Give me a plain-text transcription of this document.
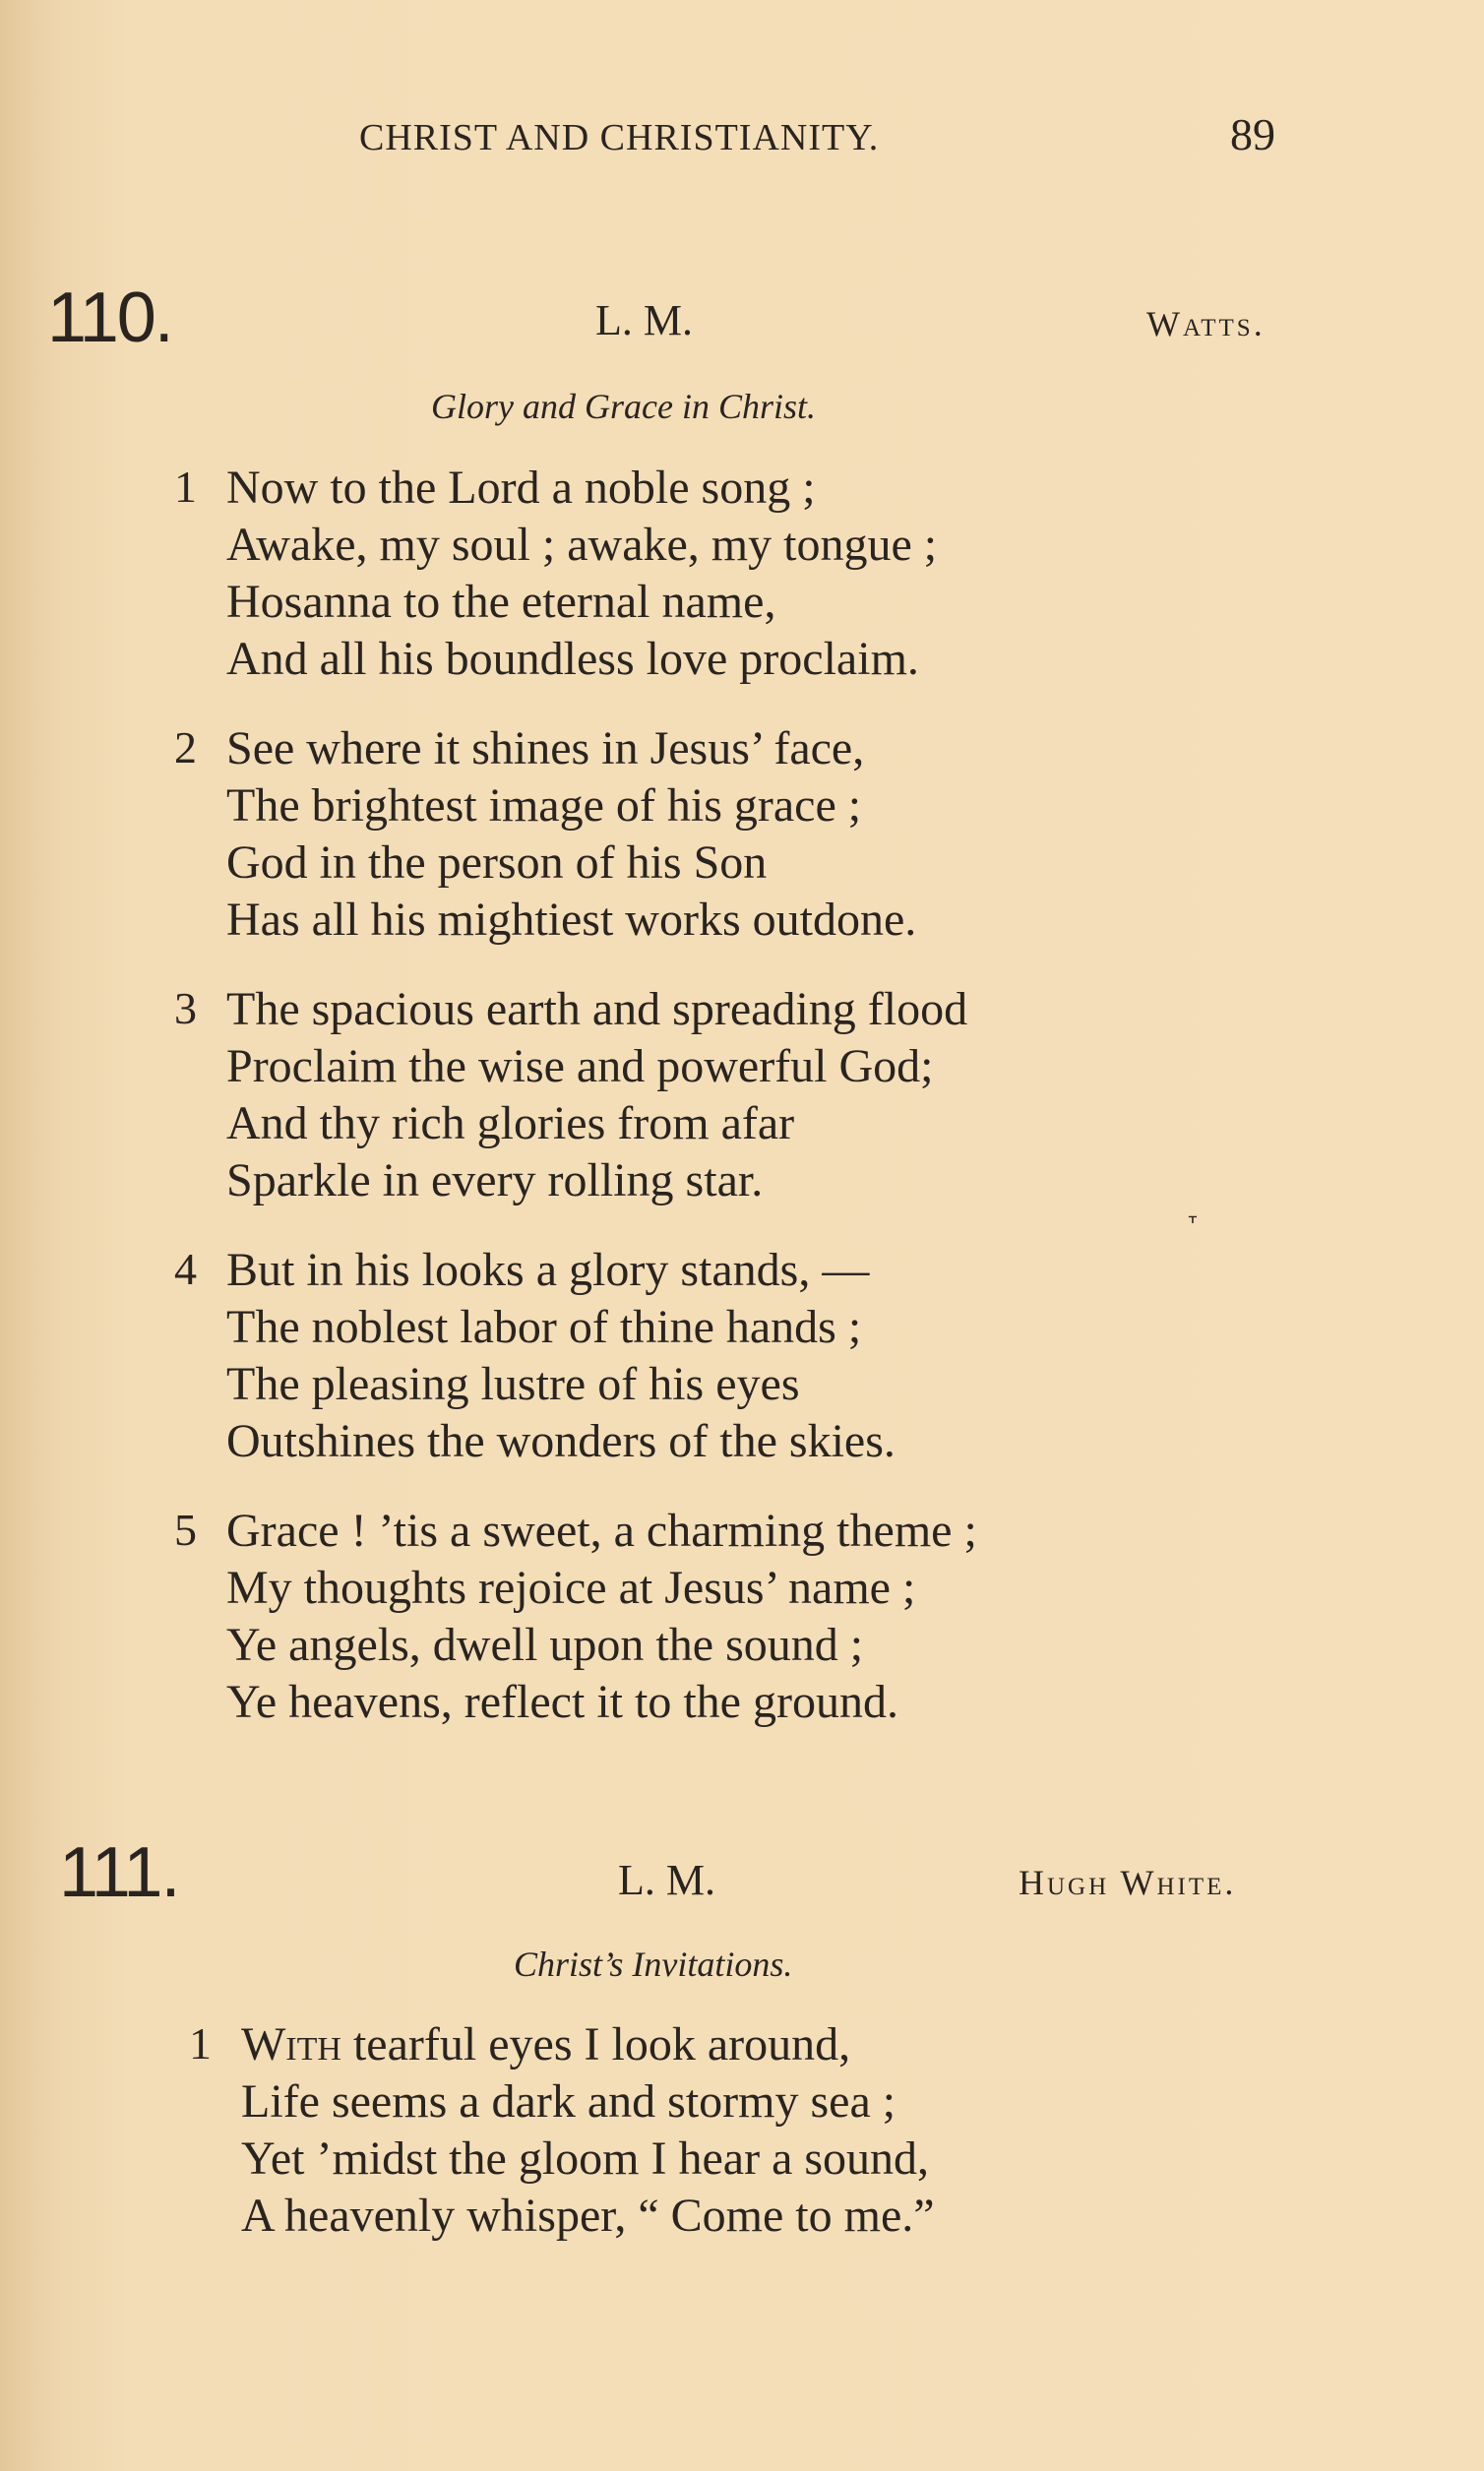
CHRIST AND CHRISTIANITY.	89
110.	L. M.	Watts.
Glory and Grace in Christ.
1 Now to the Lord a noble song ;
Awake, my soul ; awake, my tongue ;
Hosanna to the eternal name,
And all his boundless love proclaim.
2 See where it shines in Jesus’ face,
The brightest image of his grace ;
God in the person of his Son
Has all his mightiest works outdone.
3 The spacious earth and spreading flood
Proclaim the wise and powerful God;
And thy rich glories from afar
Sparkle in every rolling star.
ᚁ
4 But in his looks a glory stands, —
The noblest labor of thine hands ;
The pleasing lustre of his eyes
Outshines the wonders of the skies.
5 Grace ! ’tis a sweet, a charming theme ;
My thoughts rejoice at Jesus’ name ;
Ye angels, dwell upon the sound ;
Ye heavens, reflect it to the ground.
111.	L. M.	Hugh White.
Christ’s Invitations.
1 With tearful eyes I look around,
Life seems a dark and stormy sea ;
Yet ’midst the gloom I hear a sound,
A heavenly whisper, “ Come to me.”
